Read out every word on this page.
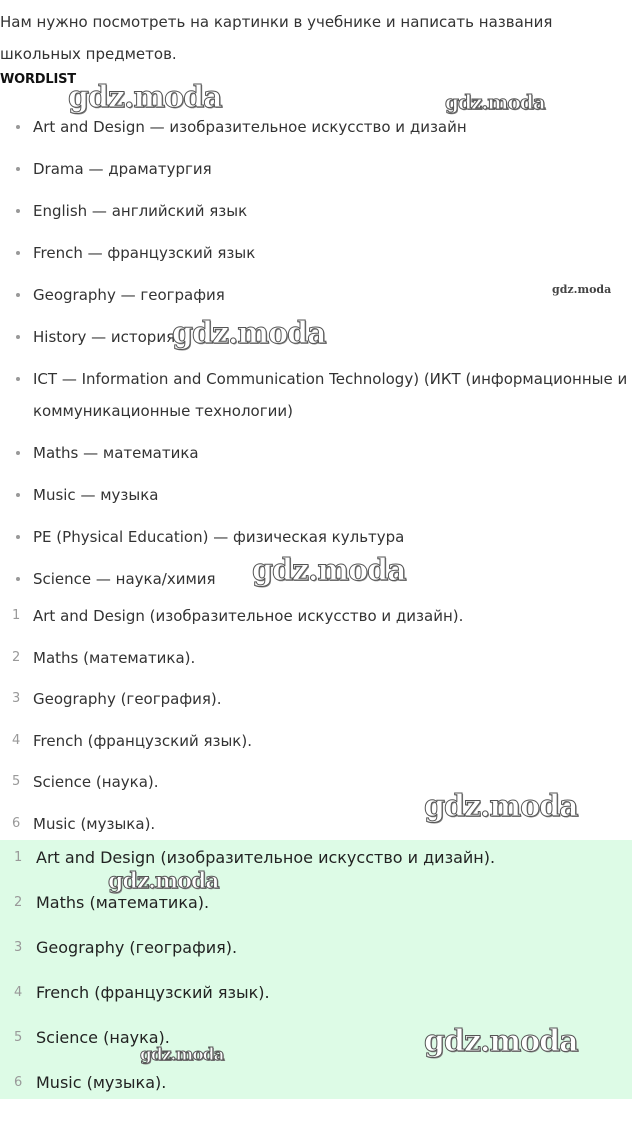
Нам нужно посмотреть на картинки в учебнике и написать названия школьных предметов.

WORDLIST
Art and Design — изобразительное искусство и дизайн
Drama — драматургия
English — английский язык
French — французский язык
Geography — география
History — история
ICT — Information and Communication Technology) (ИКТ (информационные и коммуникационные технологии)
Maths — математика
Music — музыка
PE (Physical Education) — физическая культура
Science — наука/химия
1 Art and Design (изобразительное искусство и дизайн).
2 Maths (математика).
3 Geography (география).
4 French (французский язык).
5 Science (наука).
6 Music (музыка).
1 Art and Design (изобразительное искусство и дизайн).
2 Maths (математика).
3 Geography (география).
4 French (французский язык).
5 Science (наука).
6 Music (музыка).
gdz.moda	gdz.moda
gdz.moda
gdz.moda
gdz.moda
gdz.moda
gdz.moda
gdz.moda
gdz.moda
